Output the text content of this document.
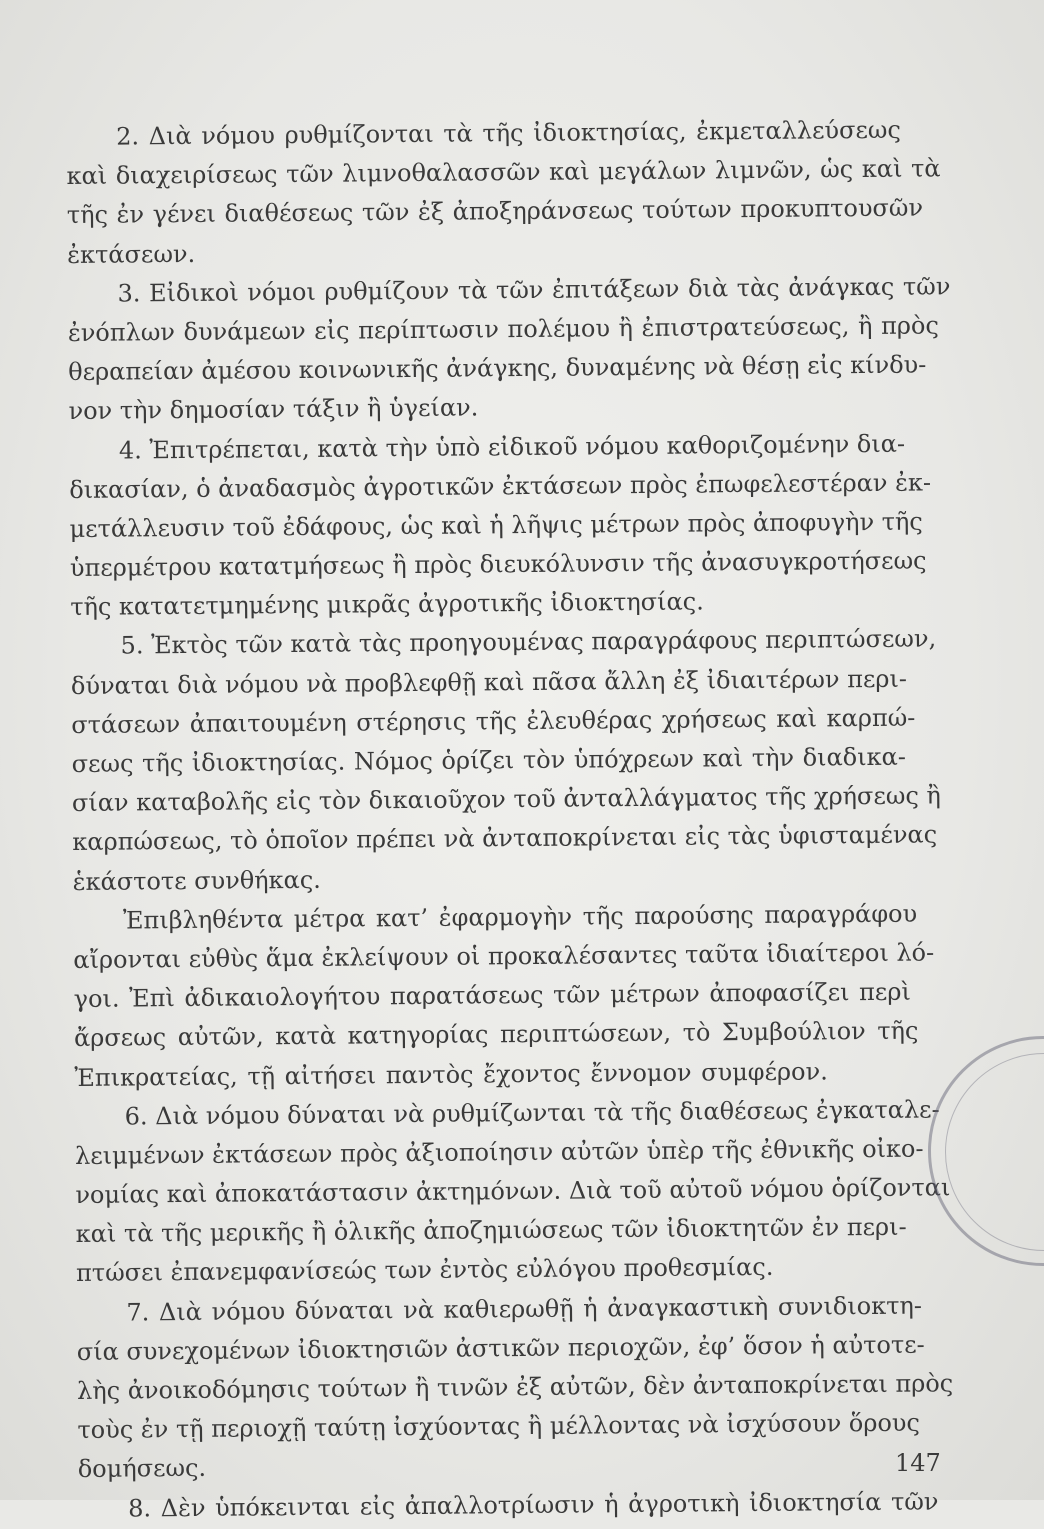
2. Διὰ νόμου ρυθμίζονται τὰ τῆς ἰδιοκτησίας, ἐκμεταλλεύσεως
καὶ διαχειρίσεως τῶν λιμνοθαλασσῶν καὶ μεγάλων λιμνῶν, ὡς καὶ τὰ
τῆς ἐν γένει διαθέσεως τῶν ἐξ ἀποξηράνσεως τούτων προκυπτουσῶν
ἐκτάσεων.
3. Εἰδικοὶ νόμοι ρυθμίζουν τὰ τῶν ἐπιτάξεων διὰ τὰς ἀνάγκας τῶν
ἐνόπλων δυνάμεων εἰς περίπτωσιν πολέμου ἢ ἐπιστρατεύσεως, ἢ πρὸς
θεραπείαν ἀμέσου κοινωνικῆς ἀνάγκης, δυναμένης νὰ θέσῃ εἰς κίνδυ-
νον τὴν δημοσίαν τάξιν ἢ ὑγείαν.
4. Ἐπιτρέπεται, κατὰ τὴν ὑπὸ εἰδικοῦ νόμου καθοριζομένην δια-
δικασίαν, ὁ ἀναδασμὸς ἀγροτικῶν ἐκτάσεων πρὸς ἐπωφελεστέραν ἐκ-
μετάλλευσιν τοῦ ἐδάφους, ὡς καὶ ἡ λῆψις μέτρων πρὸς ἀποφυγὴν τῆς
ὑπερμέτρου κατατμήσεως ἢ πρὸς διευκόλυνσιν τῆς ἀνασυγκροτήσεως
τῆς κατατετμημένης μικρᾶς ἀγροτικῆς ἰδιοκτησίας.
5. Ἐκτὸς τῶν κατὰ τὰς προηγουμένας παραγράφους περιπτώσεων,
δύναται διὰ νόμου νὰ προβλεφθῇ καὶ πᾶσα ἄλλη ἐξ ἰδιαιτέρων περι-
στάσεων ἀπαιτουμένη στέρησις τῆς ἐλευθέρας χρήσεως καὶ καρπώ-
σεως τῆς ἰδιοκτησίας. Νόμος ὁρίζει τὸν ὑπόχρεων καὶ τὴν διαδικα-
σίαν καταβολῆς εἰς τὸν δικαιοῦχον τοῦ ἀνταλλάγματος τῆς χρήσεως ἢ
καρπώσεως, τὸ ὁποῖον πρέπει νὰ ἀνταποκρίνεται εἰς τὰς ὑφισταμένας
ἑκάστοτε συνθήκας.
Ἐπιβληθέντα μέτρα κατ’ ἐφαρμογὴν τῆς παρούσης παραγράφου
αἴρονται εὐθὺς ἅμα ἐκλείψουν οἱ προκαλέσαντες ταῦτα ἰδιαίτεροι λό-
γοι. Ἐπὶ ἀδικαιολογήτου παρατάσεως τῶν μέτρων ἀποφασίζει περὶ
ἄρσεως αὐτῶν, κατὰ κατηγορίας περιπτώσεων, τὸ Συμβούλιον τῆς
Ἐπικρατείας, τῇ αἰτήσει παντὸς ἔχοντος ἔννομον συμφέρον.
6. Διὰ νόμου δύναται νὰ ρυθμίζωνται τὰ τῆς διαθέσεως ἐγκαταλε-
λειμμένων ἐκτάσεων πρὸς ἀξιοποίησιν αὐτῶν ὑπὲρ τῆς ἐθνικῆς οἰκο-
νομίας καὶ ἀποκατάστασιν ἀκτημόνων. Διὰ τοῦ αὐτοῦ νόμου ὁρίζονται
καὶ τὰ τῆς μερικῆς ἢ ὁλικῆς ἀποζημιώσεως τῶν ἰδιοκτητῶν ἐν περι-
πτώσει ἐπανεμφανίσεώς των ἐντὸς εὐλόγου προθεσμίας.
7. Διὰ νόμου δύναται νὰ καθιερωθῇ ἡ ἀναγκαστικὴ συνιδιοκτη-
σία συνεχομένων ἰδιοκτησιῶν ἀστικῶν περιοχῶν, ἐφ’ ὅσον ἡ αὐτοτε-
λὴς ἀνοικοδόμησις τούτων ἢ τινῶν ἐξ αὐτῶν, δὲν ἀνταποκρίνεται πρὸς
τοὺς ἐν τῇ περιοχῇ ταύτῃ ἰσχύοντας ἢ μέλλοντας νὰ ἰσχύσουν ὅρους
δομήσεως.
8. Δὲν ὑπόκεινται εἰς ἀπαλλοτρίωσιν ἡ ἀγροτικὴ ἰδιοκτησία τῶν
147
